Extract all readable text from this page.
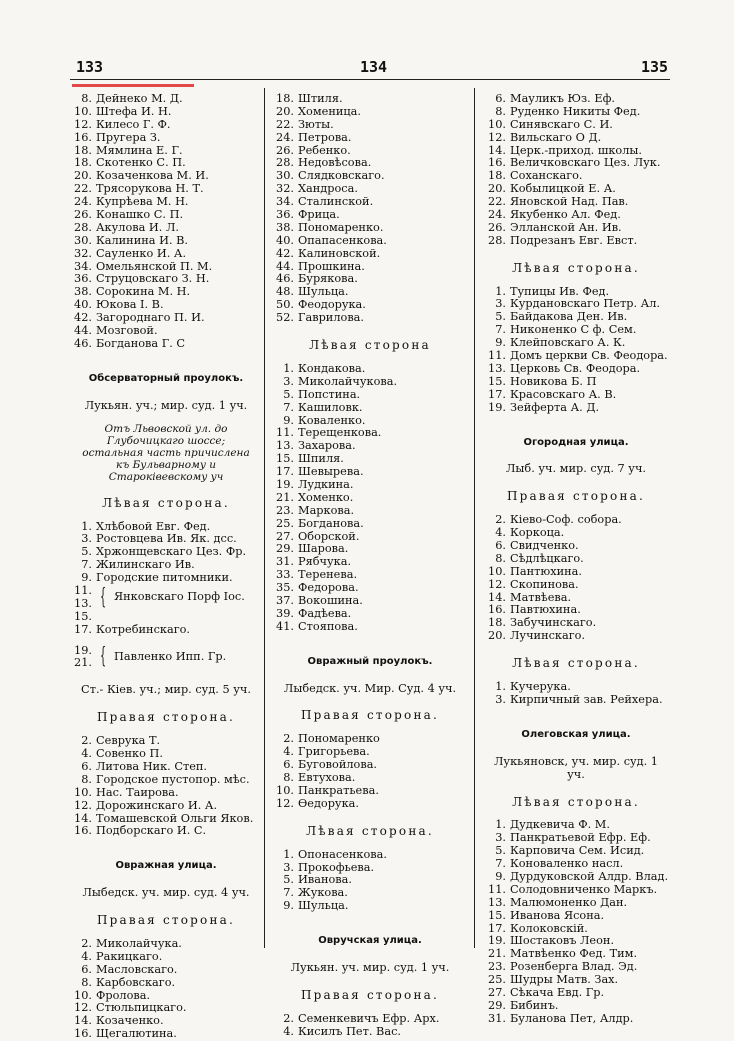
133	134	135
8. Дейнеко М. Д.
10. Штефа И. Н.
12. Килесо Г. Ф.
16. Пругера З.
18. Мямлина Е. Г.
18. Скотенко С. П.
20. Козаченкова М. И.
22. Трясорукова Н. Т.
24. Купрѣева М. Н.
26. Конашко С. П.
28. Акулова И. Л.
30. Калинина И. В.
32. Сауленко И. А.
34. Омельянской П. М.
36. Струцовскаго З. Н.
38. Сорокина М. Н.
40. Юкова І. В.
42. Загороднаго П. И.
44. Мозговой.
46. Богданова Г. С
Обсерваторный проулокъ.
Лукьян. уч.; мир. суд. 1 уч.
Отъ Львовской ул. до Глубочицкаго шоссе; остальная часть причислена къ Бульварному и Староківевскому уч
Лѣвая сторона.
1. Хлѣбовой Евг. Фед.
3. Ростовцева Ив. Як. дсс.
5. Хржонщевскаго Цез. Фр.
7. Жилинскаго Ив.
9. Городские питомники.
11.
13. { Янковскаго Порф Іос.
15.
17. Котребинскаго.
19.
21. { Павленко Ипп. Гр.
Ст.- Кіев. уч.; мир. суд. 5 уч.
Правая сторона.
2. Севрука Т.
4. Совенко П.
6. Литова Ник. Степ.
8. Городское пустопор. мѣс.
10. Нас. Таирова.
12. Дорожинскаго И. А.
14. Томашевской Ольги Яков.
16. Подборскаго И. С.
Овражная улица.
Лыбедск. уч. мир. суд. 4 уч.
Правая сторона.
2. Миколайчука.
4. Ракицкаго.
6. Масловскаго.
8. Карбовскаго.
10. Фролова.
12. Стюльпицкаго.
14. Козаченко.
16. Щегалютина.
18. Штиля.
20. Хоменица.
22. Зюты.
24. Петрова.
26. Ребенко.
28. Недовѣсова.
30. Слядковскаго.
32. Хандроса.
34. Сталинской.
36. Фрица.
38. Пономаренко.
40. Опапасенкова.
42. Калиновской.
44. Прошкина.
46. Бурякова.
48. Шульца.
50. Феодорука.
52. Гаврилова.
Лѣвая сторона
1. Кондакова.
3. Миколайчукова.
5. Попстина.
7. Кашиловк.
9. Коваленко.
11. Терещенкова.
13. Захарова.
15. Шпиля.
17. Шевырева.
19. Лудкина.
21. Хоменко.
23. Маркова.
25. Богданова.
27. Оборской.
29. Шарова.
31. Рябчука.
33. Теренева.
35. Федорова.
37. Вокошина.
39. Фадѣева.
41. Стояпова.
Овражный проулокъ.
Лыбедск. уч. Мир. Суд. 4 уч.
Правая сторона.
2. Пономаренко
4. Григорьева.
6. Буговойлова.
8. Евтухова.
10. Панкратьева.
12. Өедорука.
Лѣвая сторона.
1. Опонасенкова.
3. Прокофьева.
5. Иванова.
7. Жукова.
9. Шульца.
Овручская улица.
Лукьян. уч. мир. суд. 1 уч.
Правая сторона.
2. Семенкевичъ Ефр. Арх.
4. Кисилъ Пет. Вас.
6. Мауликъ Юз. Еф.
8. Руденко Никиты Фед.
10. Синявскаго С. И.
12. Вильскаго О Д.
14. Церк.-приход. школы.
16. Величковскаго Цез. Лук.
18. Соханскаго.
20. Кобылицкой Е. А.
22. Яновской Над. Пав.
24. Якубенко Ал. Фед.
26. Элланской Ан. Ив.
28. Подрезанъ Евг. Евст.
Лѣвая сторона.
1. Тупицы Ив. Фед.
3. Курдановскаго Петр. Ал.
5. Байдакова Ден. Ив.
7. Никоненко С ф. Сем.
9. Клейповскаго А. К.
11. Домъ церкви Св. Феодора.
13. Церковь Св. Феодора.
15. Новикова Б. П
17. Красовскаго А. В.
19. Зейферта А. Д.
Огородная улица.
Лыб. уч. мир. суд. 7 уч.
Правая сторона.
2. Кіево-Соф. собора.
4. Коркоца.
6. Свидченко.
8. Сѣдлѣцкаго.
10. Пантюхина.
12. Скопинова.
14. Матвѣева.
16. Павтюхина.
18. Забучинскаго.
20. Лучинскаго.
Лѣвая сторона.
1. Кучерука.
3. Кирпичный зав. Рейхера.
Олеговская улица.
Лукьяновск, уч. мир. суд. 1 уч.
Лѣвая сторона.
1. Дудкевича Ф. М.
3. Панкратьевой Ефр. Еф.
5. Карповича Сем. Исид.
7. Коноваленко насл.
9. Дурдуковской Алдр. Влад.
11. Солодовниченко Маркъ.
13. Малюмоненко Дан.
15. Иванова Ясона.
17. Колоковскій.
19. Шостаковъ Леон.
21. Матвѣенко Фед. Тим.
23. Розенберга Влад. Эд.
25. Шудры Матв. Зах.
27. Сѣкача Евд. Гр.
29. Бибинъ.
31. Буланова Пет, Алдр.
